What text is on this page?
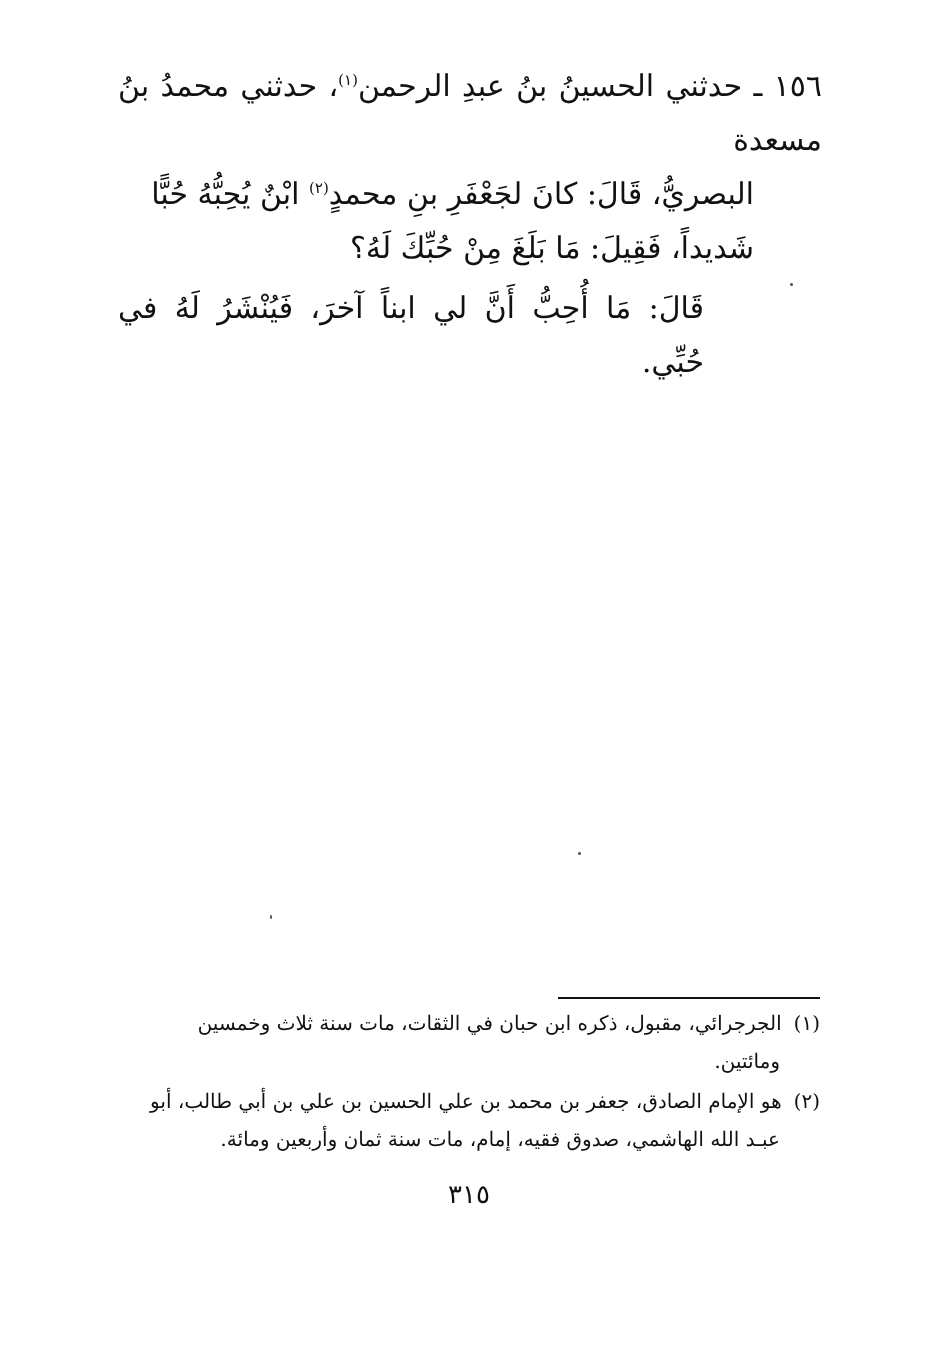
١٥٦ ـ حدثني الحسينُ بنُ عبدِ الرحمن$^{(١)}$، حدثني محمدُ بنُ مسعدة
البصريُّ، قَالَ: كانَ لجَعْفَرِ بنِ محمدٍ$^{(٢)}$ ابْنٌ يُحِبُّهُ حُبًّا
شَديداً، فَقِيلَ: مَا بَلَغَ مِنْ حُبِّكَ لَهُ؟

قَالَ: مَا أُحِبُّ أَنَّ لي ابناً آخرَ، فَيُنْشَرُ لَهُ في حُبِّي.
(١)الجرجرائي، مقبول، ذكره ابن حبان في الثقات، مات سنة ثلاث وخمسين
ومائتين.
(٢)هو الإمام الصادق، جعفر بن محمد بن علي الحسين بن علي بن أبي طالب، أبو
عبـد الله الهاشمي، صدوق فقيه، إمام، مات سنة ثمان وأربعين ومائة.
٣١٥
